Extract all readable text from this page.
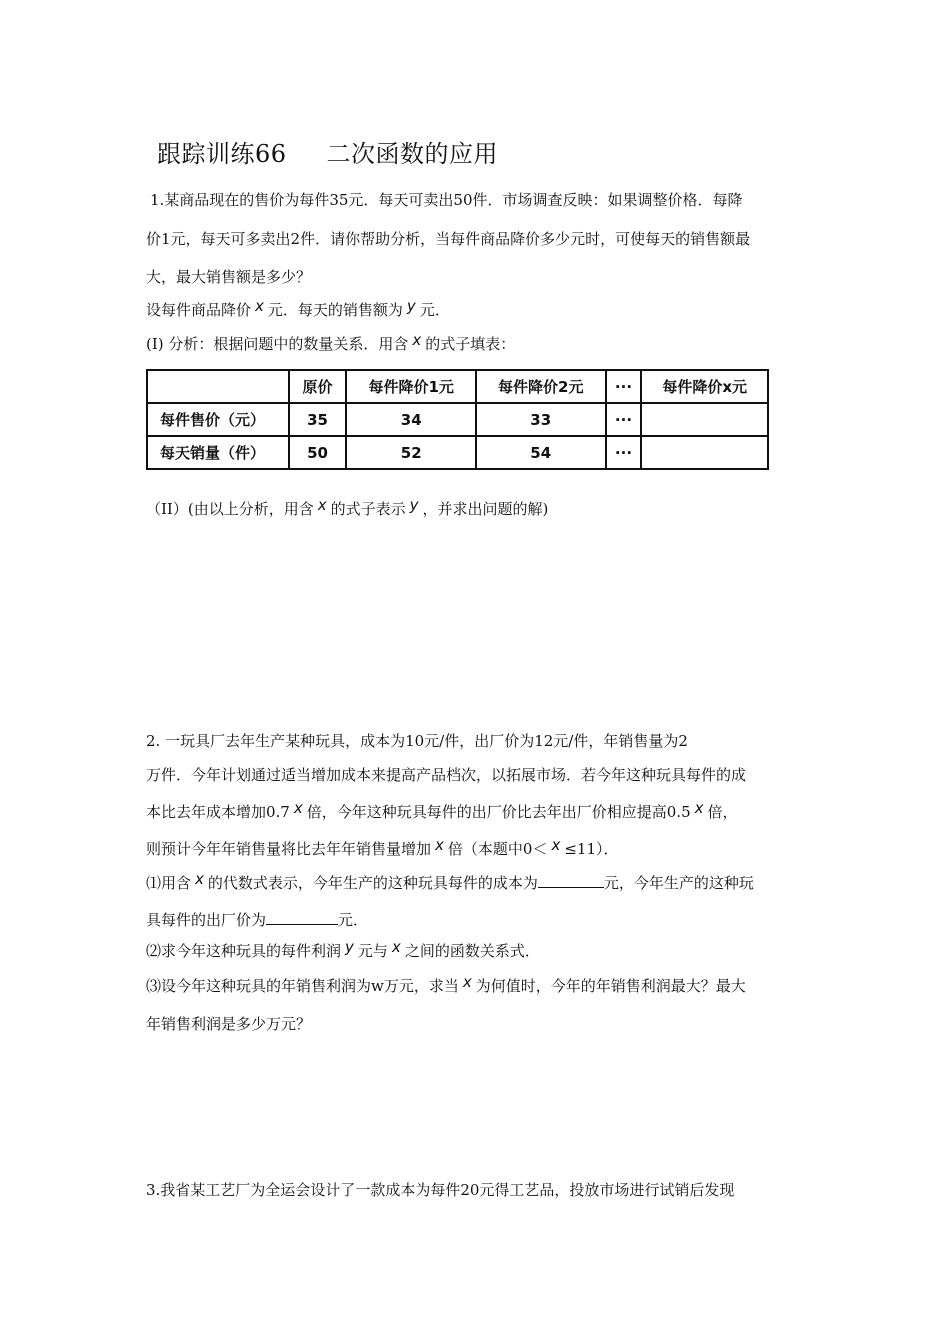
跟踪训练66 二次函数的应用
1.某商品现在的售价为每件35元．每天可卖出50件．市场调查反映：如果调整价格．每降
价1元，每天可多卖出2件．请你帮助分析，当每件商品降价多少元时，可使每天的销售额最
大，最大销售额是多少？
设每件商品降价 x 元．每天的销售额为 y 元．
(I) 分析：根据问题中的数量关系．用含 x 的式子填表：
	原价	每件降价1元	每件降价2元	···	每件降价x元
每件售价（元）	35	34	33	···	
每天销量（件）	50	52	54	···	
（II）(由以上分析，用含 x 的式子表示 y ，并求出问题的解)
2. 一玩具厂去年生产某种玩具，成本为10元/件，出厂价为12元/件，年销售量为2
万件．今年计划通过适当增加成本来提高产品档次，以拓展市场．若今年这种玩具每件的成
本比去年成本增加0.7 x 倍，今年这种玩具每件的出厂价比去年出厂价相应提高0.5 x 倍，
则预计今年年销售量将比去年年销售量增加 x 倍（本题中0＜ x ≤11）．
⑴用含 x 的代数式表示，今年生产的这种玩具每件的成本为	元，今年生产的这种玩
具每件的出厂价为	元．
⑵求今年这种玩具的每件利润 y 元与 x 之间的函数关系式．
⑶设今年这种玩具的年销售利润为w万元，求当 x 为何值时，今年的年销售利润最大？最大
年销售利润是多少万元？
3.我省某工艺厂为全运会设计了一款成本为每件20元得工艺品，投放市场进行试销后发现
